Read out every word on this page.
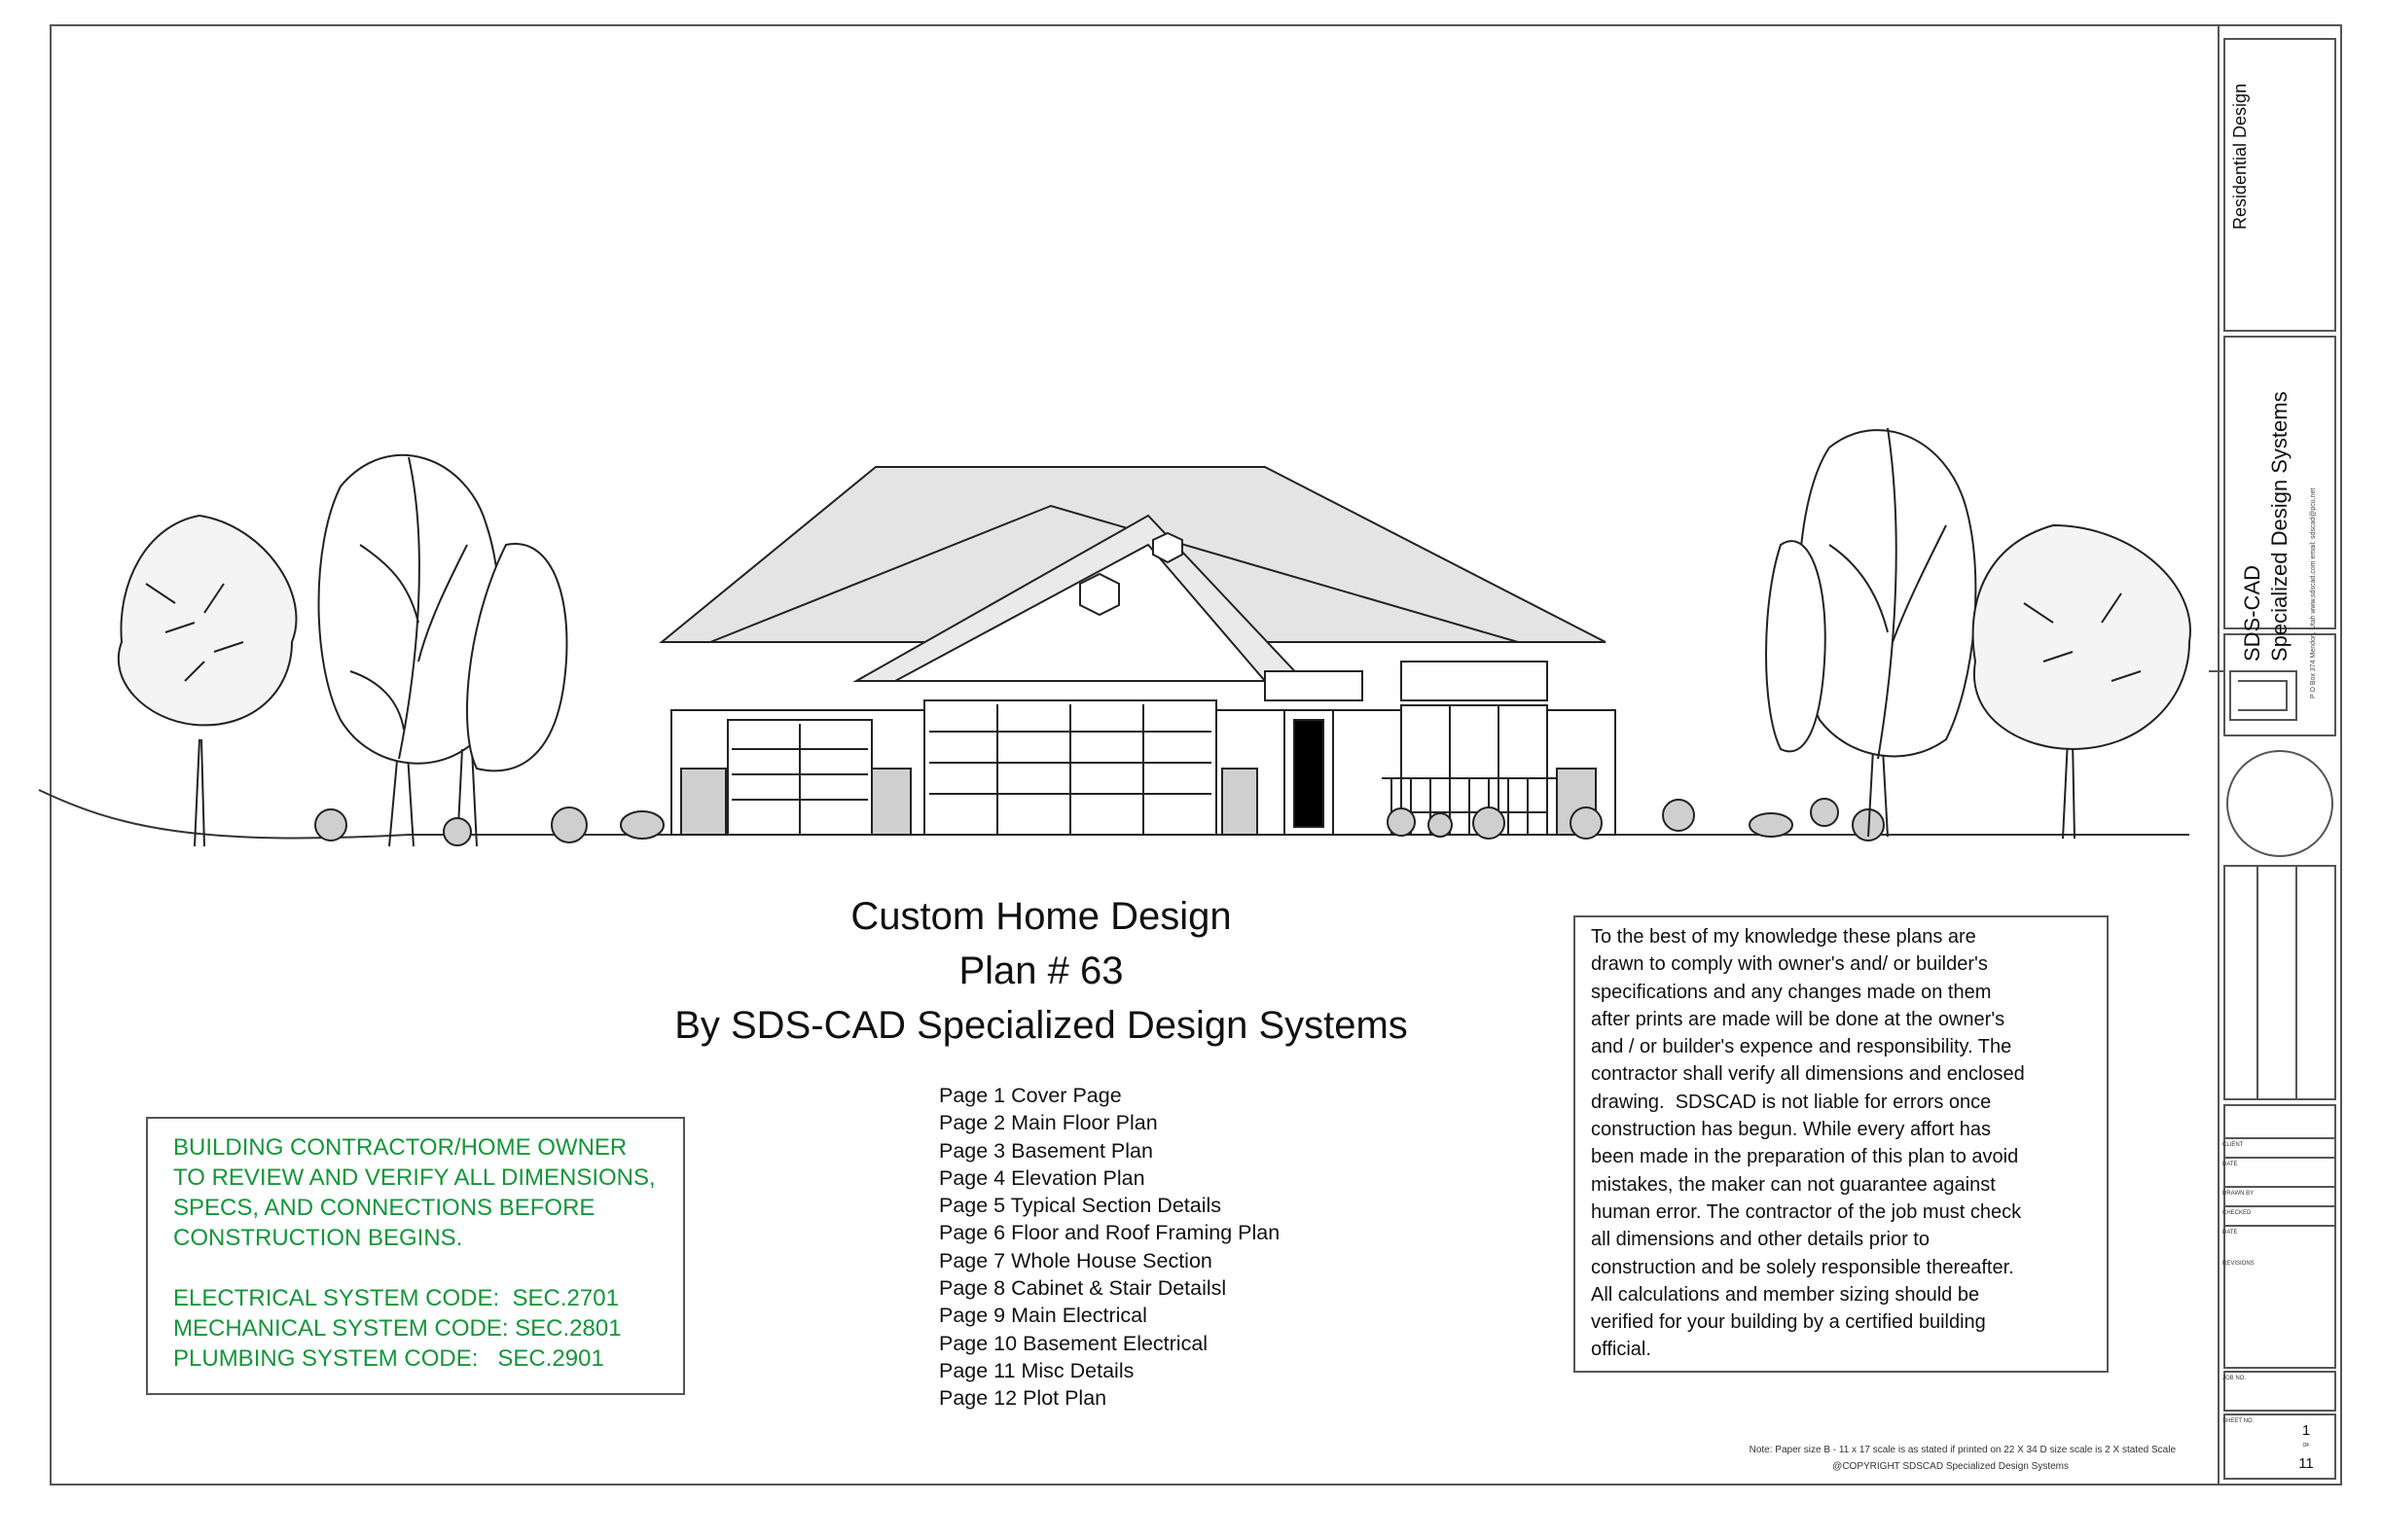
Custom Home Design
Plan # 63
By SDS-CAD Specialized Design Systems
Page 1 Cover Page
Page 2 Main Floor Plan
Page 3 Basement Plan
Page 4 Elevation Plan
Page 5 Typical Section Details
Page 6 Floor and Roof Framing Plan
Page 7 Whole House Section
Page 8 Cabinet & Stair Detailsl
Page 9 Main Electrical
Page 10 Basement Electrical
Page 11 Misc Details
Page 12 Plot Plan

BUILDING CONTRACTOR/HOME OWNER

TO REVIEW AND VERIFY ALL DIMENSIONS,

SPECS, AND CONNECTIONS BEFORE

CONSTRUCTION BEGINS.

ELECTRICAL SYSTEM CODE:  SEC.2701

MECHANICAL SYSTEM CODE: SEC.2801

PLUMBING SYSTEM CODE:   SEC.2901

To the best of my knowledge these plans are
drawn to comply with owner's and/ or builder's
specifications and any changes made on them
after prints are made will be done at the owner's
and / or builder's expence and responsibility. The
contractor shall verify all dimensions and enclosed
drawing.  SDSCAD is not liable for errors once
construction has begun. While every affort has
been made in the preparation of this plan to avoid
mistakes, the maker can not guarantee against
human error. The contractor of the job must check
all dimensions and other details prior to
construction and be solely responsible thereafter.
All calculations and member sizing should be
verified for your building by a certified building
official.
Note: Paper size B - 11 x 17 scale is as stated if printed on 22 X 34 D size scale is 2 X stated Scale
@COPYRIGHT SDSCAD Specialized Design Systems
Residential Design
SDS-CAD Specialized Design Systems	P O Box 374 Mendon, Utah www.sdscad.com email: sdscad@pcu.net
CLIENT
DATE
DRAWN BY
CHECKED
DATE
REVISIONS
JOB NO.
SHEET NO.
1
OF
11
